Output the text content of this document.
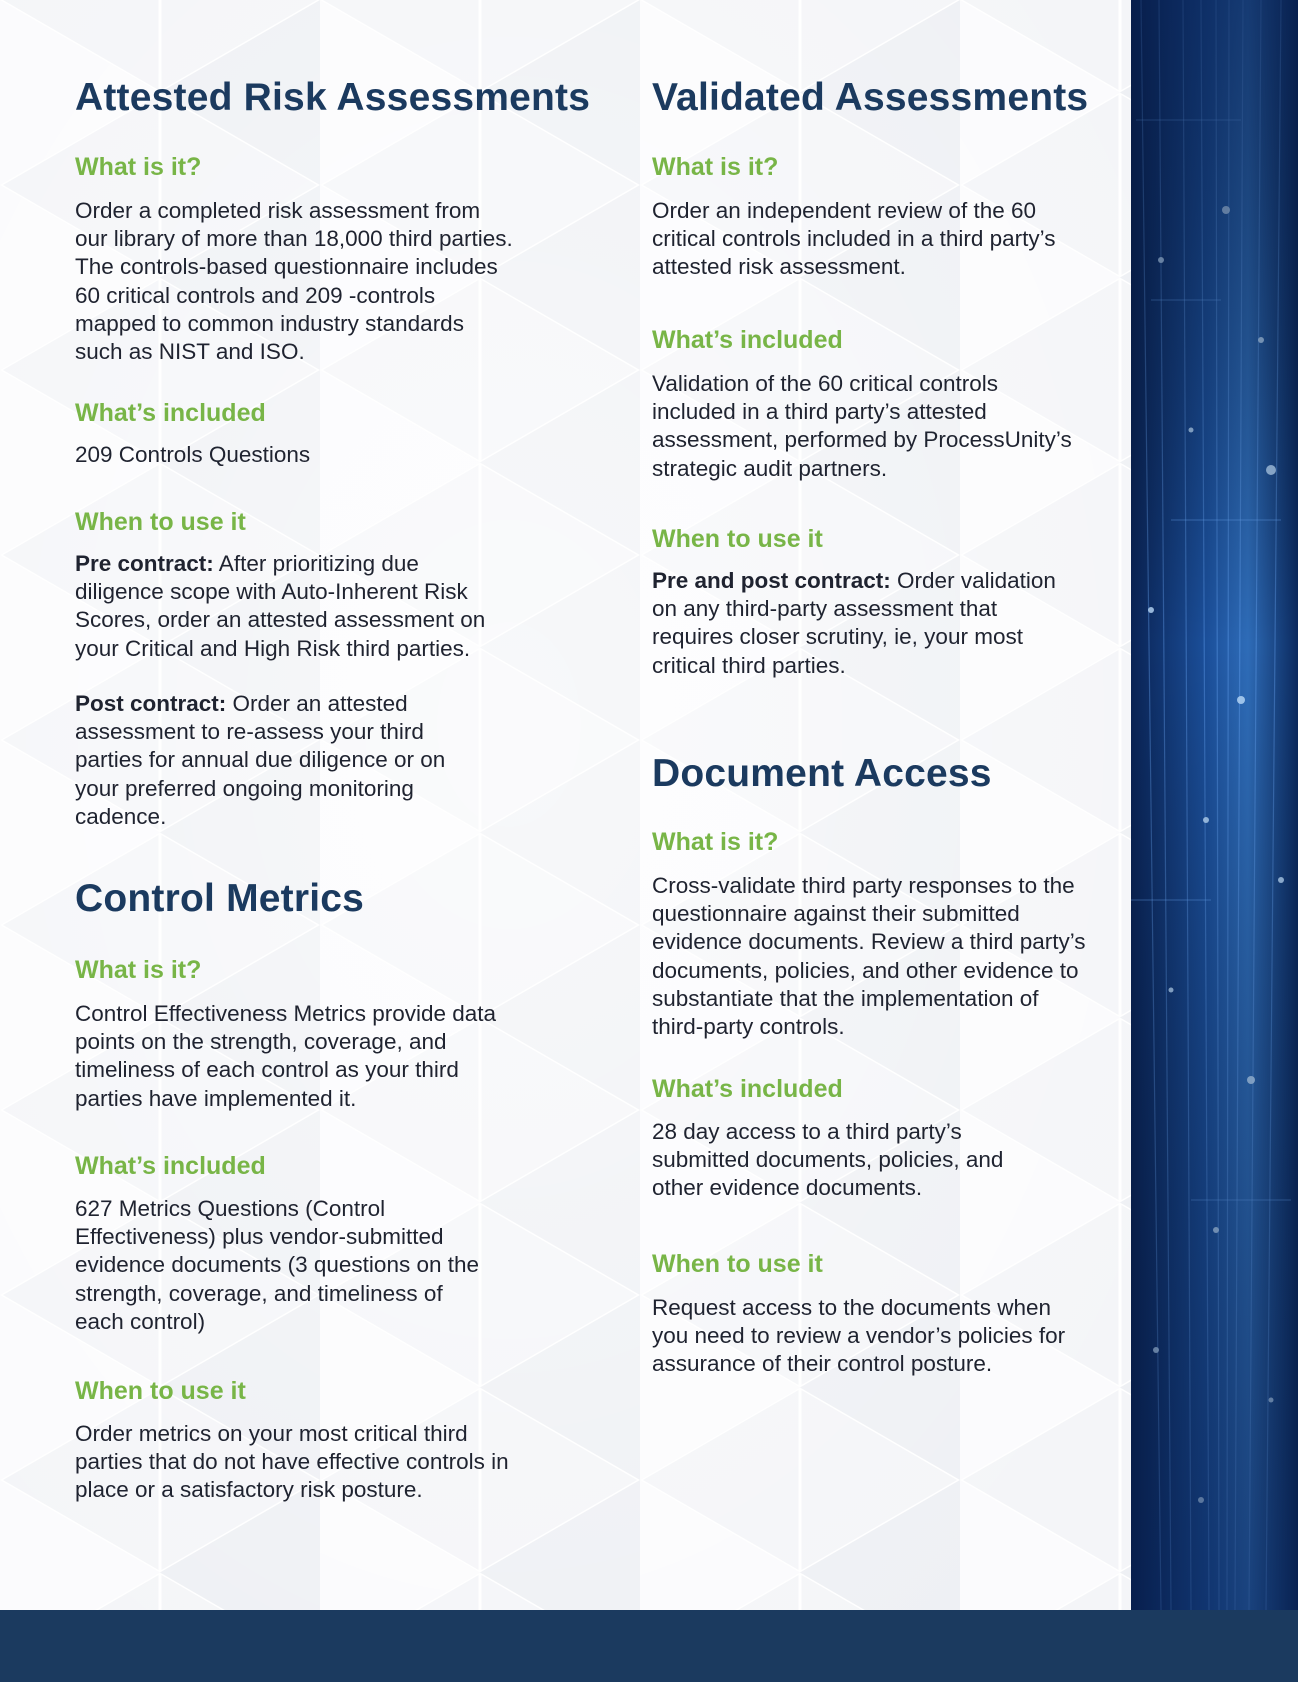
Attested Risk Assessments
What is it?

Order a completed risk assessment from our library of more than 18,000 third parties. The controls-based questionnaire includes 60 critical controls and 209 -controls mapped to common industry standards such as NIST and ISO.

What’s included

209 Controls Questions

When to use it

Pre contract: After prioritizing due diligence scope with Auto-Inherent Risk Scores, order an attested assessment on your Critical and High Risk third parties.

Post contract: Order an attested assessment to re-assess your third parties for annual due diligence or on your preferred ongoing monitoring cadence.

Control Metrics
What is it?

Control Effectiveness Metrics provide data points on the strength, coverage, and timeliness of each control as your third parties have implemented it.

What’s included

627 Metrics Questions (Control Effectiveness) plus vendor-submitted evidence documents (3 questions on the strength, coverage, and timeliness of each control)

When to use it

Order metrics on your most critical third parties that do not have effective controls in place or a satisfactory risk posture.

Validated Assessments
What is it?

Order an independent review of the 60 critical controls included in a third party’s attested risk assessment.

What’s included

Validation of the 60 critical controls included in a third party’s attested assessment, performed by ProcessUnity’s strategic audit partners.

When to use it

Pre and post contract: Order validation on any third-party assessment that requires closer scrutiny, ie, your most critical third parties.

Document Access
What is it?

Cross-validate third party responses to the questionnaire against their submitted evidence documents. Review a third party’s documents, policies, and other evidence to substantiate that the implementation of third-party controls.

What’s included

28 day access to a third party’s submitted documents, policies, and other evidence documents.

When to use it

Request access to the documents when you need to review a vendor’s policies for assurance of their control posture.
